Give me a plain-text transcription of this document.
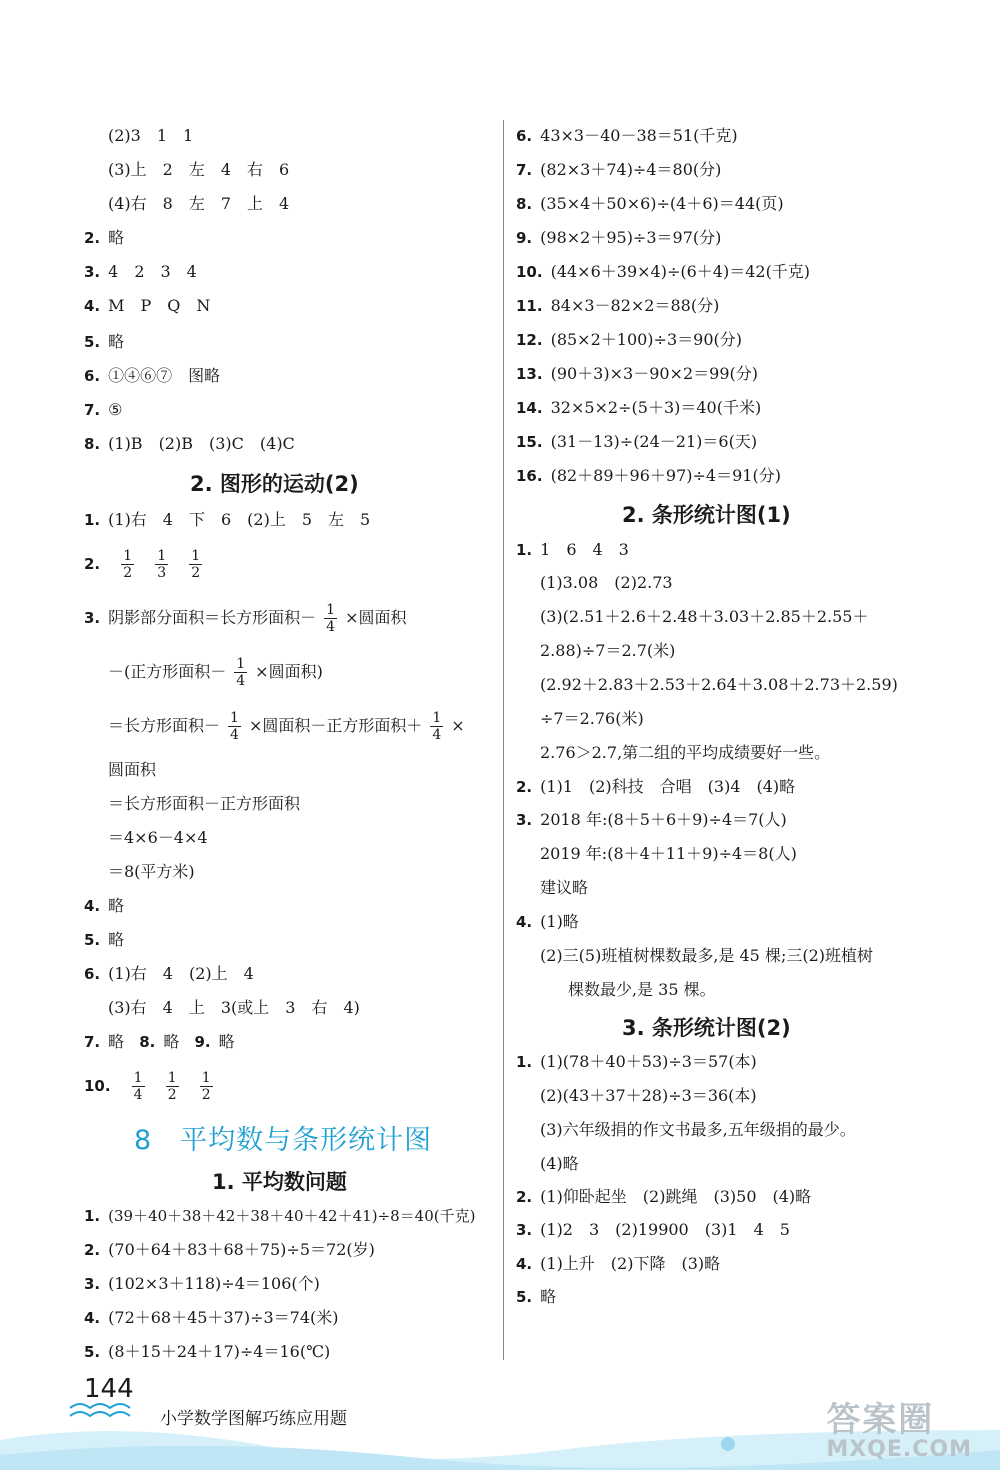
(2)3　1　1
(3)上　2　左　4　右　6
(4)右　8　左　7　上　4
2. 略
3. 4　2　3　4
4. M　P　Q　N
5. 略
6. ①④⑥⑦　图略
7. ⑤
8. (1)B　(2)B　(3)C　(4)C
2. 图形的运动(2)
1. (1)右　4　下　6　(2)上　5　左　5
2. $\frac{1}{2}$
$\frac{1}{3}$
$\frac{1}{2}$
3. 阴影部分面积＝长方形面积－ $\frac{1}{4}$ ×圆面积
－(正方形面积－ $\frac{1}{4}$ ×圆面积)
＝长方形面积－ $\frac{1}{4}$ ×圆面积－正方形面积＋ $\frac{1}{4}$ ×
圆面积
＝长方形面积－正方形面积
＝4×6－4×4
＝8(平方米)
4. 略
5. 略
6. (1)右　4　(2)上　4
(3)右　4　上　3(或上　3　右　4)
7. 略 8. 略 9. 略
10. $\frac{1}{4}$
$\frac{1}{2}$
$\frac{1}{2}$
8　平均数与条形统计图
1. 平均数问题
1. (39＋40＋38＋42＋38＋40＋42＋41)÷8＝40(千克)
2. (70＋64＋83＋68＋75)÷5＝72(岁)
3. (102×3＋118)÷4＝106(个)
4. (72＋68＋45＋37)÷3＝74(米)
5. (8＋15＋24＋17)÷4＝16(℃)
6. 43×3－40－38＝51(千克)
7. (82×3＋74)÷4＝80(分)
8. (35×4＋50×6)÷(4＋6)＝44(页)
9. (98×2＋95)÷3＝97(分)
10. (44×6＋39×4)÷(6＋4)＝42(千克)
11. 84×3－82×2＝88(分)
12. (85×2＋100)÷3＝90(分)
13. (90＋3)×3－90×2＝99(分)
14. 32×5×2÷(5＋3)＝40(千米)
15. (31－13)÷(24－21)＝6(天)
16. (82＋89＋96＋97)÷4＝91(分)
2. 条形统计图(1)
1. 1　6　4　3
(1)3.08　(2)2.73
(3)(2.51＋2.6＋2.48＋3.03＋2.85＋2.55＋
2.88)÷7＝2.7(米)
(2.92＋2.83＋2.53＋2.64＋3.08＋2.73＋2.59)
÷7＝2.76(米)
2.76＞2.7,第二组的平均成绩要好一些。
2. (1)1　(2)科技　合唱　(3)4　(4)略
3. 2018 年:(8＋5＋6＋9)÷4＝7(人)
2019 年:(8＋4＋11＋9)÷4＝8(人)
建议略
4. (1)略
(2)三(5)班植树棵数最多,是 45 棵;三(2)班植树
棵数最少,是 35 棵。
3. 条形统计图(2)
1. (1)(78＋40＋53)÷3＝57(本)
(2)(43＋37＋28)÷3＝36(本)
(3)六年级捐的作文书最多,五年级捐的最少。
(4)略
2. (1)仰卧起坐　(2)跳绳　(3)50　(4)略
3. (1)2　3　(2)19900　(3)1　4　5
4. (1)上升　(2)下降　(3)略
5. 略
144
小学数学图解巧练应用题	答案圈
MXQE.COM
